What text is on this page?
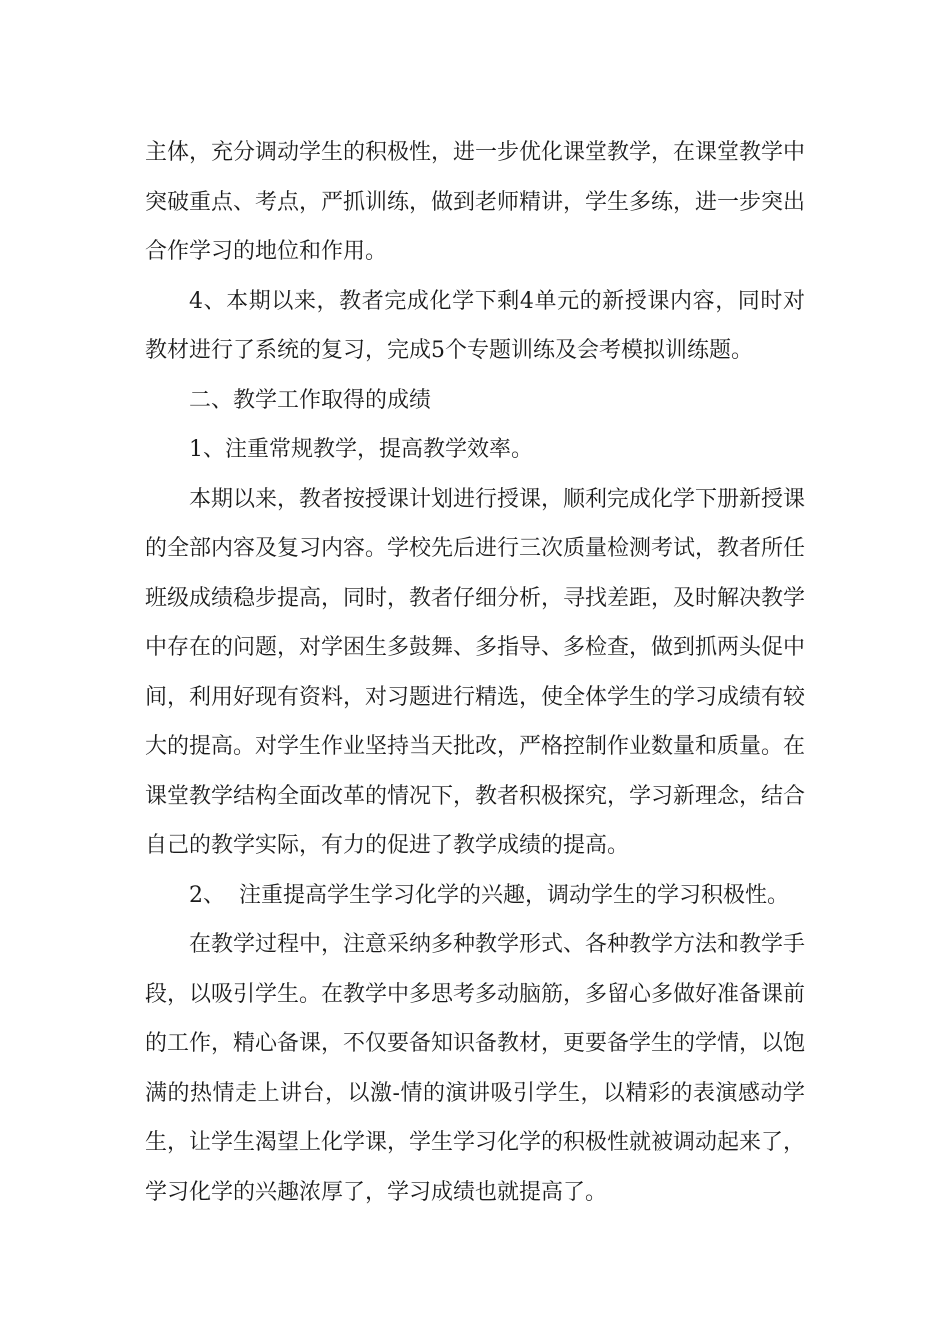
主体，充分调动学生的积极性，进一步优化课堂教学，在课堂教学中突破重点、考点，严抓训练，做到老师精讲，学生多练，进一步突出合作学习的地位和作用。

4、本期以来，教者完成化学下剩4单元的新授课内容，同时对教材进行了系统的复习，完成5个专题训练及会考模拟训练题。

二、教学工作取得的成绩

1、注重常规教学，提高教学效率。

本期以来，教者按授课计划进行授课，顺利完成化学下册新授课的全部内容及复习内容。学校先后进行三次质量检测考试，教者所任班级成绩稳步提高，同时，教者仔细分析，寻找差距，及时解决教学中存在的问题，对学困生多鼓舞、多指导、多检查，做到抓两头促中间，利用好现有资料，对习题进行精选，使全体学生的学习成绩有较大的提高。对学生作业坚持当天批改，严格控制作业数量和质量。在课堂教学结构全面改革的情况下，教者积极探究，学习新理念，结合自己的教学实际，有力的促进了教学成绩的提高。

2、  注重提高学生学习化学的兴趣，调动学生的学习积极性。

在教学过程中，注意采纳多种教学形式、各种教学方法和教学手段，以吸引学生。在教学中多思考多动脑筋，多留心多做好准备课前的工作，精心备课，不仅要备知识备教材，更要备学生的学情，以饱满的热情走上讲台，以激-情的演讲吸引学生，以精彩的表演感动学生，让学生渴望上化学课，学生学习化学的积极性就被调动起来了，学习化学的兴趣浓厚了，学习成绩也就提高了。
